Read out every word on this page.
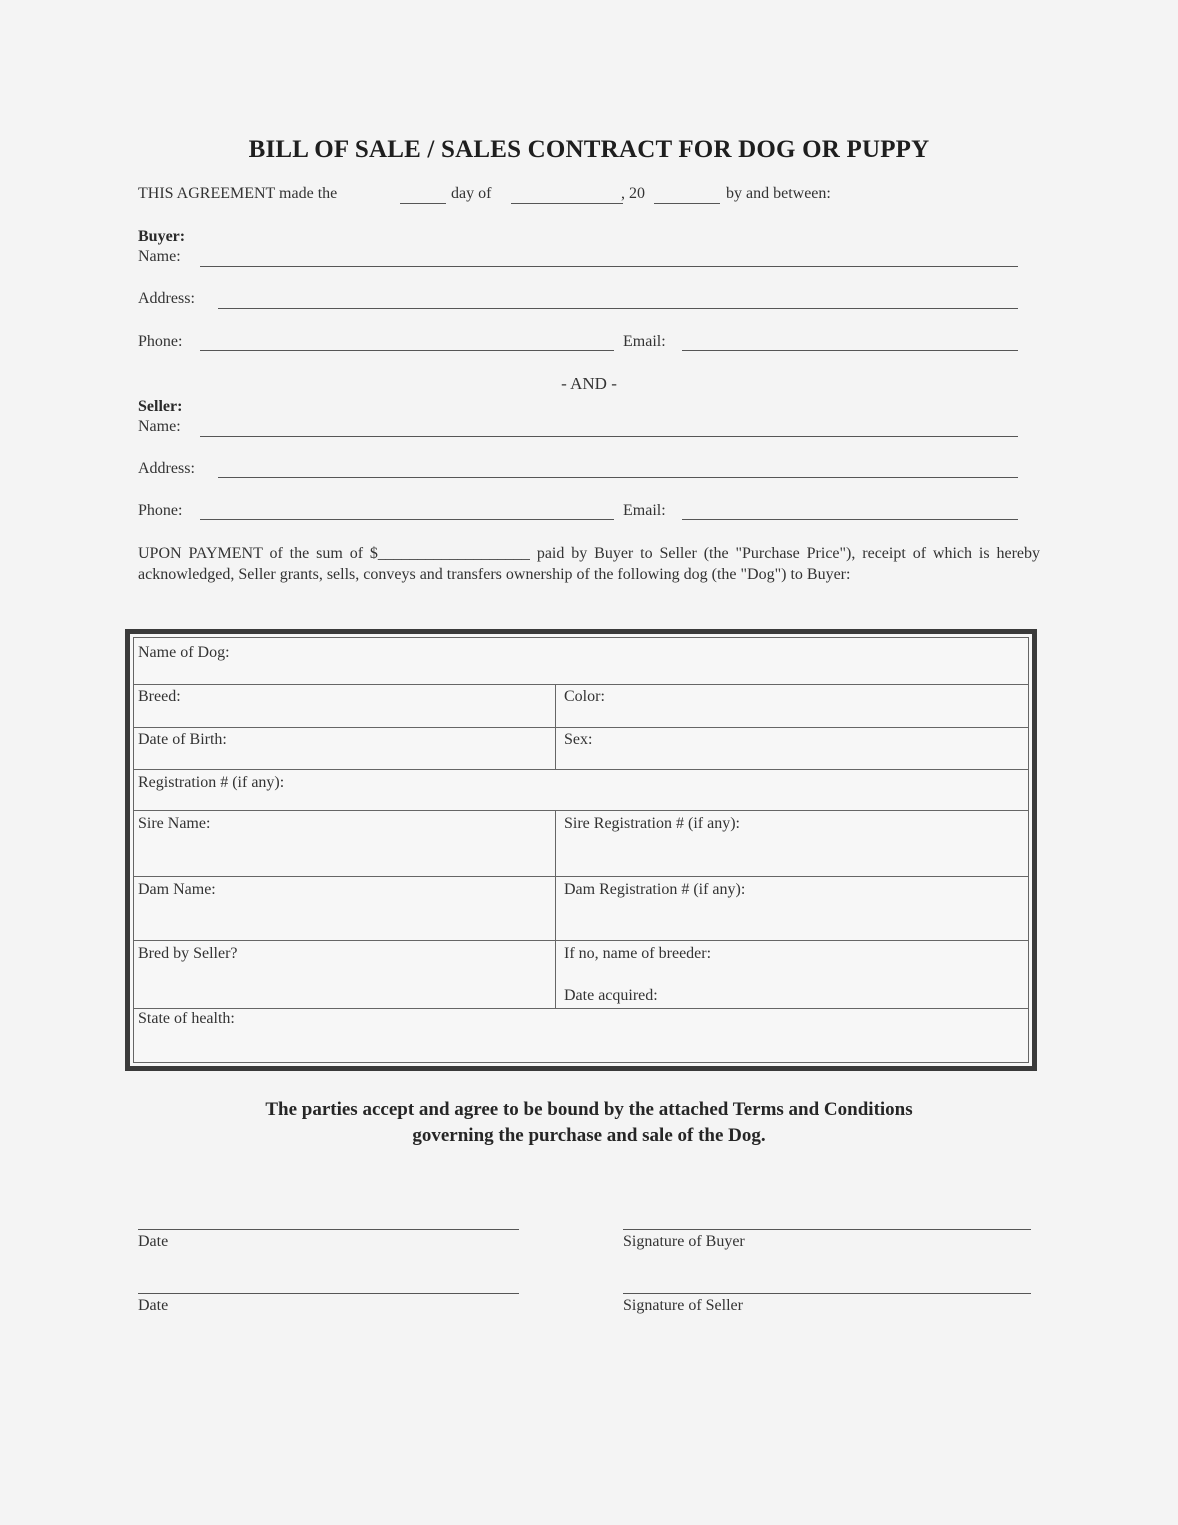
BILL OF SALE / SALES CONTRACT FOR DOG OR PUPPY
THIS AGREEMENT made the	day of	, 20	by and between:
Buyer:
Name:
Address:
Phone:	Email:
- AND -
Seller:
Name:
Address:
Phone:	Email:
UPON PAYMENT of the sum of $___________________ paid by Buyer to Seller (the "Purchase Price"), receipt of which is hereby acknowledged, Seller grants, sells, conveys and transfers ownership of the following dog (the "Dog") to Buyer:
Name of Dog:
Breed:	Color:
Date of Birth:	Sex:
Registration # (if any):
Sire Name:	Sire Registration # (if any):
Dam Name:	Dam Registration # (if any):
Bred by Seller?	If no, name of breeder:
Date acquired:
State of health:
The parties accept and agree to be bound by the attached Terms and Conditions
governing the purchase and sale of the Dog.
Date	Signature of Buyer
Date	Signature of Seller
